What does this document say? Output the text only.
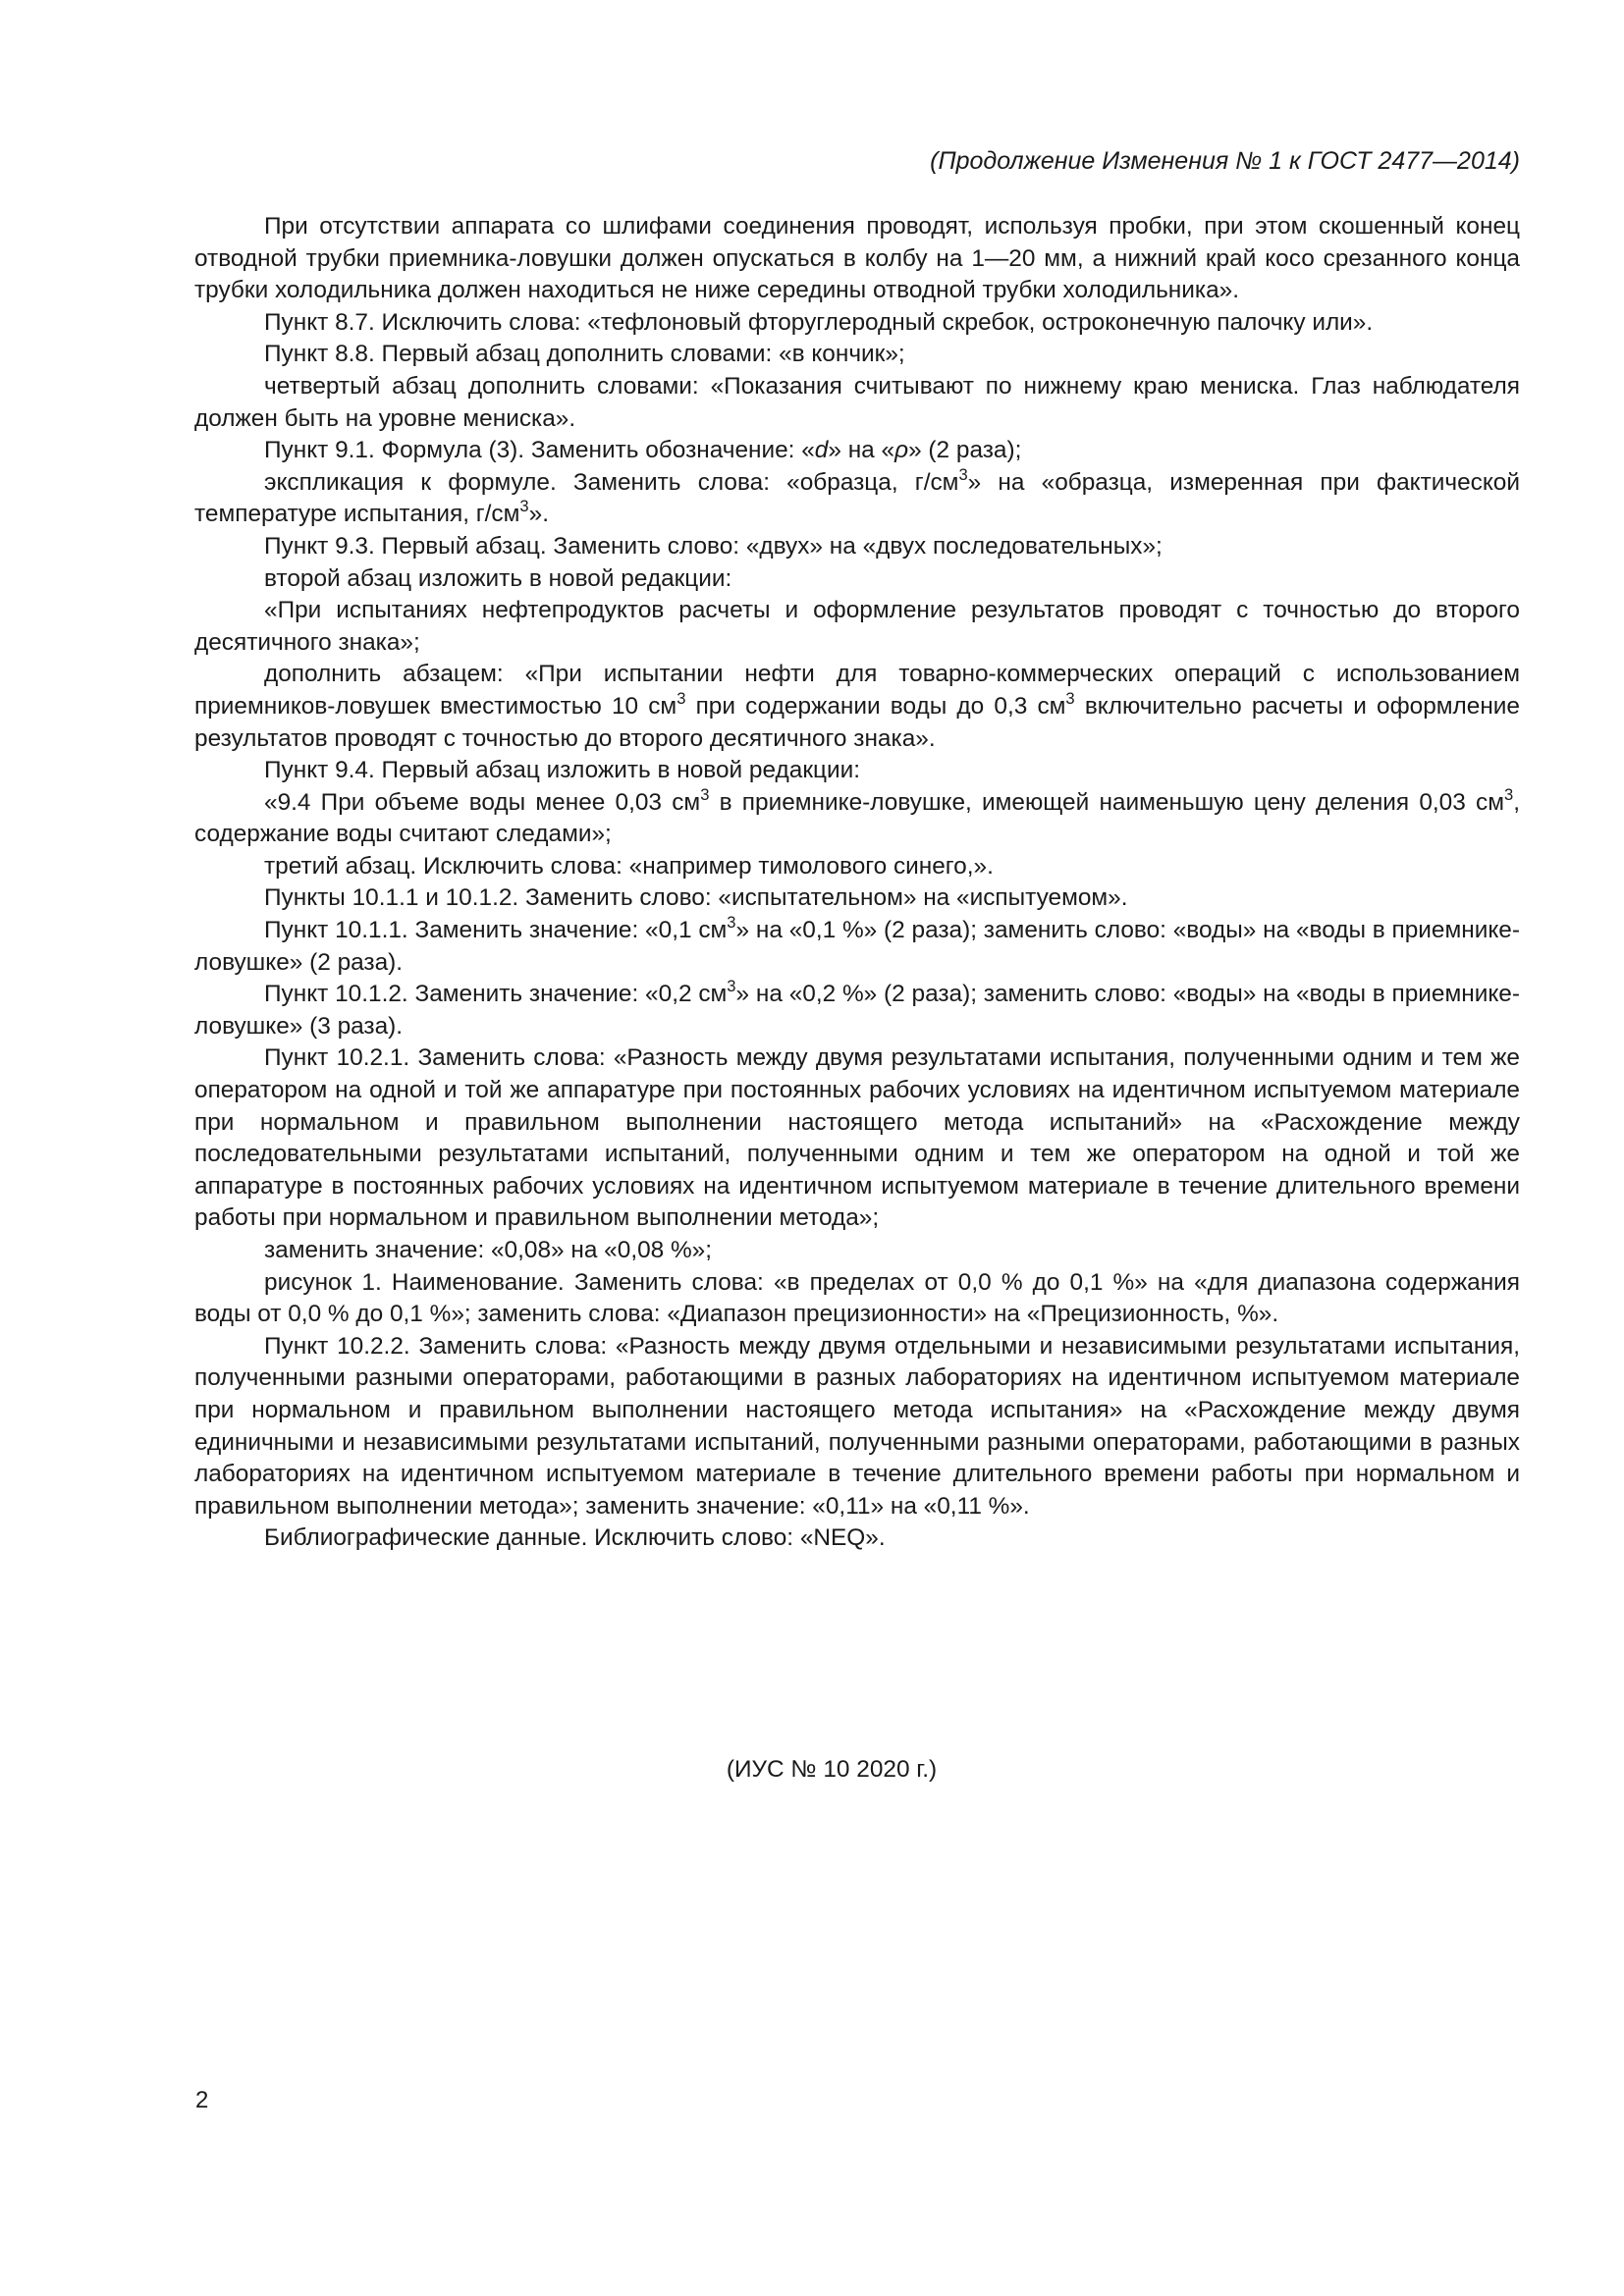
(Продолжение Изменения № 1 к ГОСТ 2477—2014)

При отсутствии аппарата со шлифами соединения проводят, используя пробки, при этом скошенный конец отводной трубки приемника-ловушки должен опускаться в колбу на 1—20 мм, а нижний край косо срезанного конца трубки холодильника должен находиться не ниже середины отводной трубки холодильника».

Пункт 8.7. Исключить слова: «тефлоновый фторуглеродный скребок, остроконечную палочку или».

Пункт 8.8. Первый абзац дополнить словами: «в кончик»;

четвертый абзац дополнить словами: «Показания считывают по нижнему краю мениска. Глаз наблюдателя должен быть на уровне мениска».

Пункт 9.1. Формула (3). Заменить обозначение: «d» на «ρ» (2 раза);

экспликация к формуле. Заменить слова: «образца, $г/см^3$» на «образца, измеренная при фактической температуре испытания, $г/см^3$».

Пункт 9.3. Первый абзац. Заменить слово: «двух» на «двух последовательных»;

второй абзац изложить в новой редакции:

«При испытаниях нефтепродуктов расчеты и оформление результатов проводят с точностью до второго десятичного знака»;

дополнить абзацем: «При испытании нефти для товарно-коммерческих операций с использованием приемников-ловушек вместимостью 10 $см^3$ при содержании воды до 0,3 $см^3$ включительно расчеты и оформление результатов проводят с точностью до второго десятичного знака».

Пункт 9.4. Первый абзац изложить в новой редакции:

«9.4 При объеме воды менее 0,03 $см^3$ в приемнике-ловушке, имеющей наименьшую цену деления 0,03 $см^3$, содержание воды считают следами»;

третий абзац. Исключить слова: «например тимолового синего,».

Пункты 10.1.1 и 10.1.2. Заменить слово: «испытательном» на «испытуемом».

Пункт 10.1.1. Заменить значение: «0,1 $см^3$» на «0,1 %» (2 раза); заменить слово: «воды» на «воды в приемнике-ловушке» (2 раза).

Пункт 10.1.2. Заменить значение: «0,2 $см^3$» на «0,2 %» (2 раза); заменить слово: «воды» на «воды в приемнике-ловушке» (3 раза).

Пункт 10.2.1. Заменить слова: «Разность между двумя результатами испытания, полученными одним и тем же оператором на одной и той же аппаратуре при постоянных рабочих условиях на идентичном испытуемом материале при нормальном и правильном выполнении настоящего метода испытаний» на «Расхождение между последовательными результатами испытаний, полученными одним и тем же оператором на одной и той же аппаратуре в постоянных рабочих условиях на идентичном испытуемом материале в течение длительного времени работы при нормальном и правильном выполнении метода»;

заменить значение: «0,08» на «0,08 %»;

рисунок 1. Наименование. Заменить слова: «в пределах от 0,0 % до 0,1 %» на «для диапазона содержания воды от 0,0 % до 0,1 %»; заменить слова: «Диапазон прецизионности» на «Прецизионность, %».

Пункт 10.2.2. Заменить слова: «Разность между двумя отдельными и независимыми результатами испытания, полученными разными операторами, работающими в разных лабораториях на идентичном испытуемом материале при нормальном и правильном выполнении настоящего метода испытания» на «Расхождение между двумя единичными и независимыми результатами испытаний, полученными разными операторами, работающими в разных лабораториях на идентичном испытуемом материале в течение длительного времени работы при нормальном и правильном выполнении метода»; заменить значение: «0,11» на «0,11 %».

Библиографические данные. Исключить слово: «NEQ».

(ИУС № 10 2020 г.)
2
